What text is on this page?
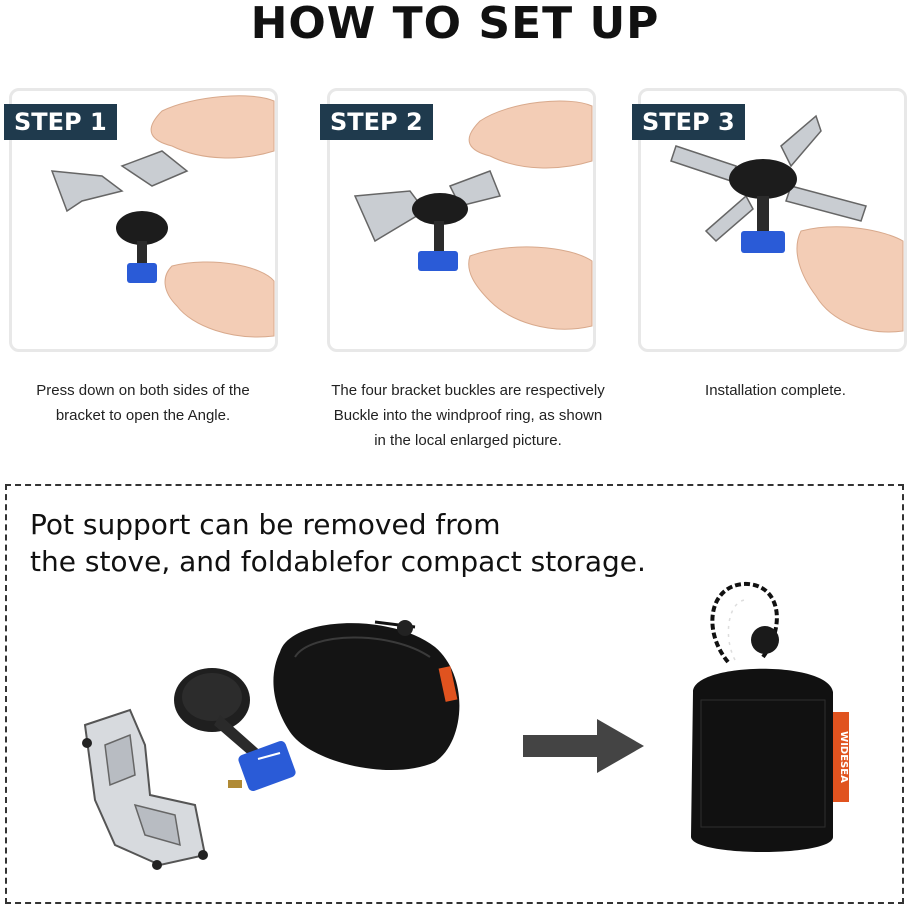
HOW TO SET UP
STEP 1
Press down on both sides of the
bracket to open the Angle.
STEP 2
The four bracket buckles are respectively
Buckle into the windproof ring, as shown
in the local enlarged picture.
STEP 3
Installation complete.
Pot support can be removed from
the stove, and foldablefor compact storage.
WIDESEA
